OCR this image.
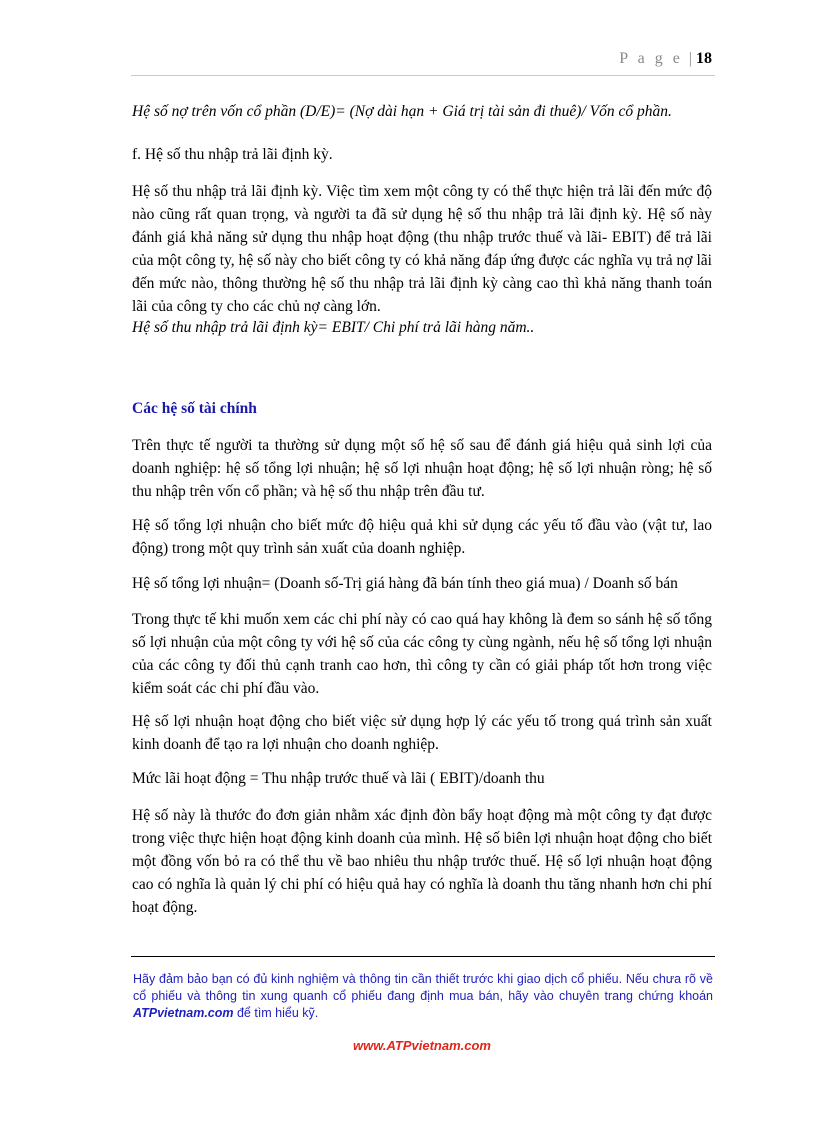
P a g e | 18

Hệ số nợ trên vốn cổ phần (D/E)= (Nợ dài hạn + Giá trị tài sản đi thuê)/ Vốn cổ phần.

f. Hệ số thu nhập trả lãi định kỳ.

Hệ số thu nhập trả lãi định kỳ. Việc tìm xem một công ty có thể thực hiện trả lãi đến mức độ nào cũng rất quan trọng, và người ta đã sử dụng hệ số thu nhập trả lãi định kỳ. Hệ số này đánh giá khả năng sử dụng thu nhập hoạt động (thu nhập trước thuế và lãi- EBIT) để trả lãi của một công ty, hệ số này cho biết công ty có khả năng đáp ứng được các nghĩa vụ trả nợ lãi đến mức nào, thông thường hệ số thu nhập trả lãi định kỳ càng cao thì khả năng thanh toán lãi của công ty cho các chủ nợ càng lớn.

Hệ số thu nhập trả lãi định kỳ= EBIT/ Chi phí trả lãi hàng năm..

Các hệ số tài chính

Trên thực tế người ta thường sử dụng một số hệ số sau để đánh giá hiệu quả sinh lợi của doanh nghiệp: hệ số tổng lợi nhuận; hệ số lợi nhuận hoạt động; hệ số lợi nhuận ròng; hệ số thu nhập trên vốn cổ phần; và hệ số thu nhập trên đầu tư.

Hệ số tổng lợi nhuận cho biết mức độ hiệu quả khi sử dụng các yếu tố đầu vào (vật tư, lao động) trong một quy trình sản xuất của doanh nghiệp.

Hệ số tổng lợi nhuận= (Doanh số-Trị giá hàng đã bán tính theo giá mua) / Doanh số bán

Trong thực tế khi muốn xem các chi phí này có cao quá hay không là đem so sánh hệ số tổng số lợi nhuận của một công ty với hệ số của các công ty cùng ngành, nếu hệ số tổng lợi nhuận của các công ty đối thủ cạnh tranh cao hơn, thì công ty cần có giải pháp tốt hơn trong việc kiểm soát các chi phí đầu vào.

Hệ số lợi nhuận hoạt động cho biết việc sử dụng hợp lý các yếu tố trong quá trình sản xuất kinh doanh để tạo ra lợi nhuận cho doanh nghiệp.

Mức lãi hoạt động = Thu nhập trước thuế và lãi ( EBIT)/doanh thu

Hệ số này là thước đo đơn giản nhằm xác định đòn bẩy hoạt động mà một công ty đạt được trong việc thực hiện hoạt động kinh doanh của mình. Hệ số biên lợi nhuận hoạt động cho biết một đồng vốn bỏ ra có thể thu về bao nhiêu thu nhập trước thuế. Hệ số lợi nhuận hoạt động cao có nghĩa là quản lý chi phí có hiệu quả hay có nghĩa là doanh thu tăng nhanh hơn chi phí hoạt động.

Hãy đảm bảo bạn có đủ kinh nghiệm và thông tin cần thiết trước khi giao dịch cổ phiếu. Nếu chưa rõ về cổ phiếu và thông tin xung quanh cổ phiếu đang định mua bán, hãy vào chuyên trang chứng khoán ATPvietnam.com để tìm hiểu kỹ.
www.ATPvietnam.com
